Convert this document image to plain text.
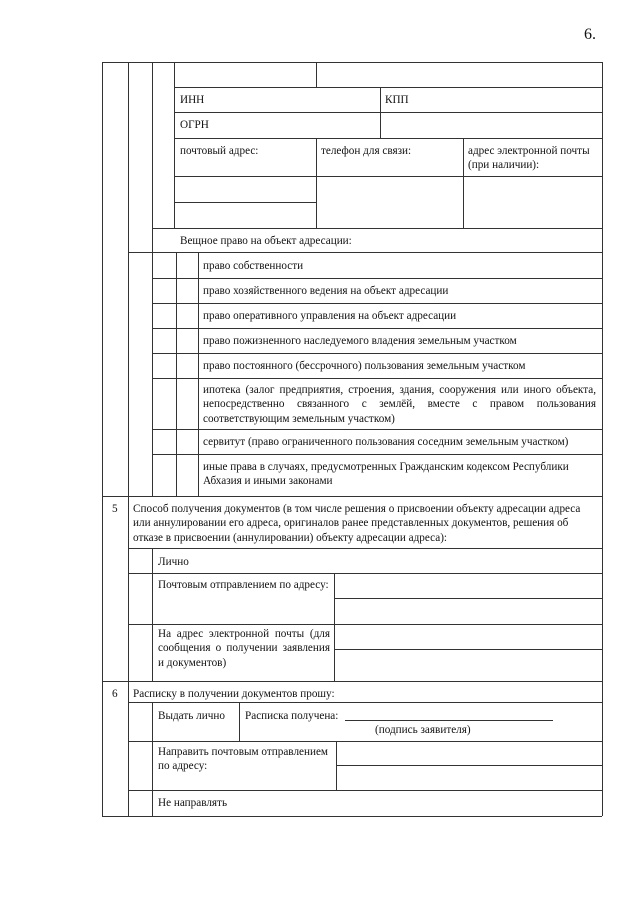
6.
ИНН	КПП
ОГРН
почтовый адрес:	телефон для связи:	адрес электронной почты (при наличии):
Вещное право на объект адресации:
право собственности
право хозяйственного ведения на объект адресации
право оперативного управления на объект адресации
право пожизненного наследуемого владения земельным участком
право постоянного (бессрочного) пользования земельным участком
ипотека (залог предприятия, строения, здания, сооружения или иного объекта, непосредственно связанного с землёй, вместе с правом пользования соответствующим земельным участком)
сервитут (право ограниченного пользования соседним земельным участком)
иные права в случаях, предусмотренных Гражданским кодексом Республики Абхазия и иными законами
5 Способ получения документов (в том числе решения о присвоении объекту адресации адреса или аннулировании его адреса, оригиналов ранее представленных документов, решения об отказе в присвоении (аннулировании) объекту адресации адреса):
Лично
Почтовым отправлением по адресу:
На адрес электронной почты (для сообщения о получении заявления и документов)
6 Расписку в получении документов прошу:
Выдать лично Расписка получена:
(подпись заявителя)
Направить почтовым отправлением по адресу:
Не направлять
